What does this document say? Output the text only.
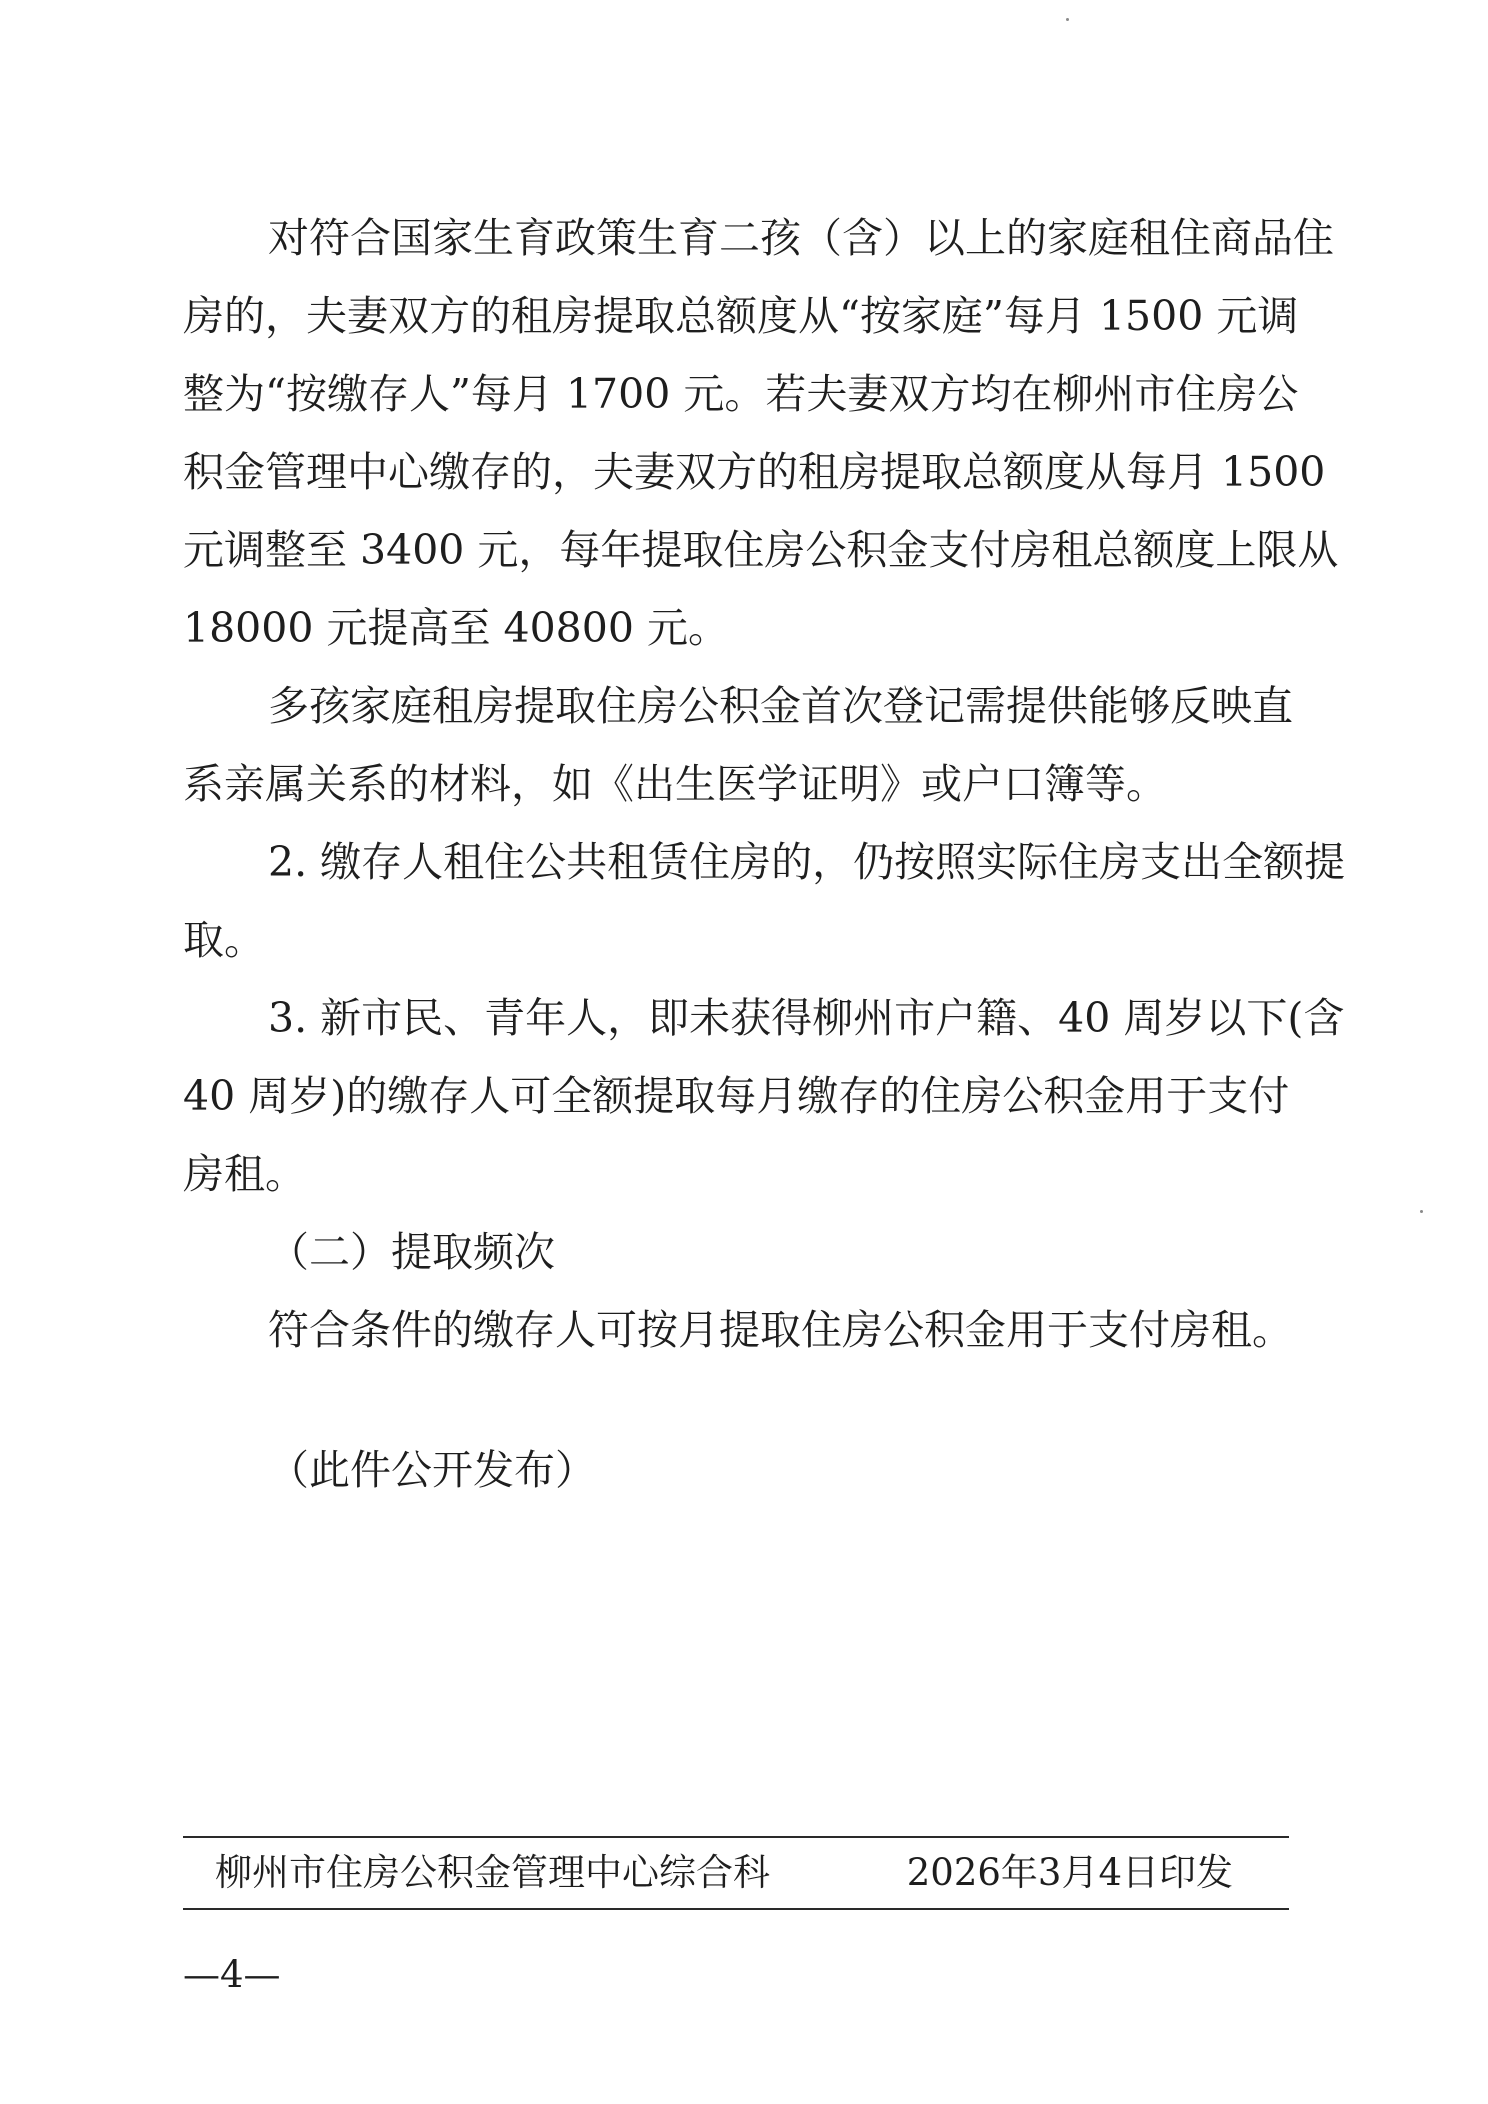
对符合国家生育政策生育二孩（含）以上的家庭租住商品住
房的，夫妻双方的租房提取总额度从“按家庭”每月 1500 元调
整为“按缴存人”每月 1700 元。若夫妻双方均在柳州市住房公
积金管理中心缴存的，夫妻双方的租房提取总额度从每月 1500
元调整至 3400 元，每年提取住房公积金支付房租总额度上限从
18000 元提高至 40800 元。
多孩家庭租房提取住房公积金首次登记需提供能够反映直
系亲属关系的材料，如《出生医学证明》或户口簿等。
2. 缴存人租住公共租赁住房的，仍按照实际住房支出全额提
取。
3. 新市民、青年人，即未获得柳州市户籍、40 周岁以下(含
40 周岁)的缴存人可全额提取每月缴存的住房公积金用于支付
房租。
（二）提取频次
符合条件的缴存人可按月提取住房公积金用于支付房租。
（此件公开发布）
柳州市住房公积金管理中心综合科	2026年3月4日印发
—4—
